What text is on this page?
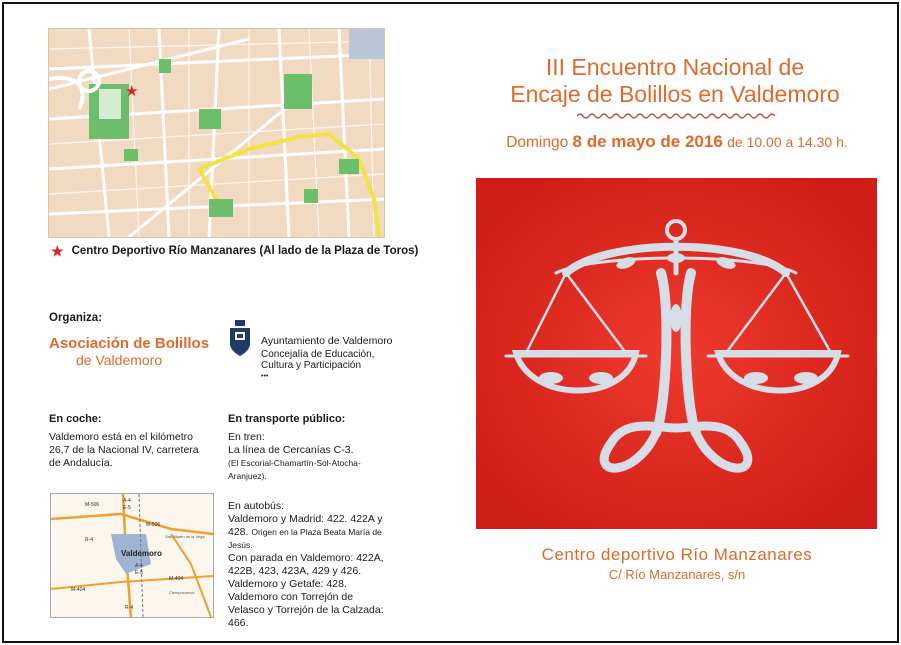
★
★ Centro Deportivo Río Manzanares (Al lado de la Plaza de Toros)
Organiza:
Asociación de Bolillos
de Valdemoro
Ayuntamiento de Valdemoro
Concejalía de Educación, Cultura y Participación
•••
En coche:
Valdemoro está en el kilómetro 26,7 de la Nacional IV, carretera de Andalucía.
En transporte público:
En tren:
La línea de Cercanías C-3.
(El Escorial-Chamartín-Sol-Atocha-Aranjuez).
En autobús:
Valdemoro y Madrid: 422. 422A y 428. Origen en la Plaza Beata María de Jesús.
Con parada en Valdemoro: 422A, 422B, 423, 423A, 429 y 426.
Valdemoro y Getafe: 428.
Valdemoro con Torrejón de Velasco y Torrejón de la Calzada: 466.
M-506
A-4
E-5
M-506
R-4
M-404
M-404
A-4
E-5
R-4
Valdemoro
San Martín de la Vega
Ciempozuelos
III Encuentro Nacional de
Encaje de Bolillos en Valdemoro
Domingo 8 de mayo de 2016 de 10.00 a 14.30 h.
Centro deportivo Río Manzanares
C/ Río Manzanares, s/n
